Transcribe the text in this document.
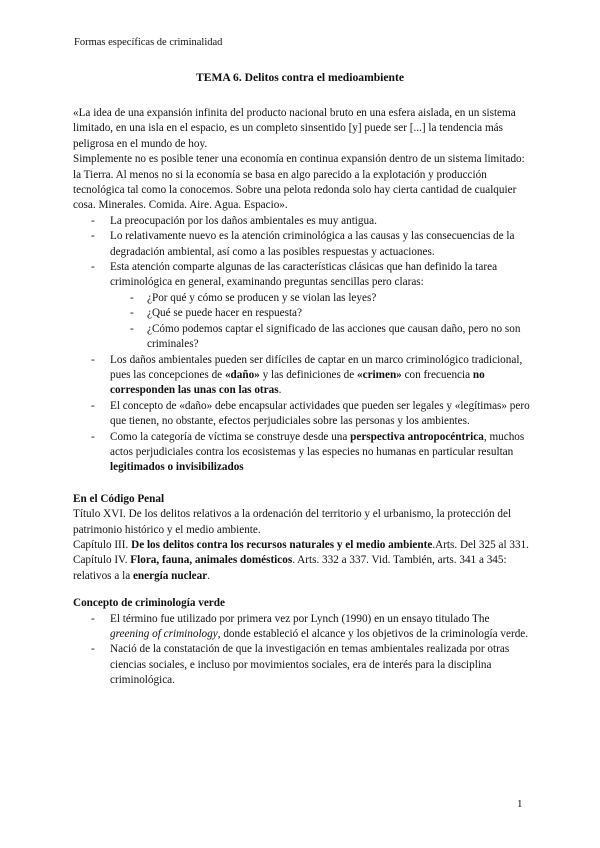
Formas específicas de criminalidad
TEMA 6. Delitos contra el medioambiente

«La idea de una expansión infinita del producto nacional bruto en una esfera aislada, en un sistema limitado, en una isla en el espacio, es un completo sinsentido [y] puede ser [...] la tendencia más peligrosa en el mundo de hoy.

Simplemente no es posible tener una economía en continua expansión dentro de un sistema limitado: la Tierra. Al menos no si la economía se basa en algo parecido a la explotación y producción tecnológica tal como la conocemos. Sobre una pelota redonda solo hay cierta cantidad de cualquier cosa. Minerales. Comida. Aire. Agua. Espacio».

- La preocupación por los daños ambientales es muy antigua.
- Lo relativamente nuevo es la atención criminológica a las causas y las consecuencias de la degradación ambiental, así como a las posibles respuestas y actuaciones.
- Esta atención comparte algunas de las características clásicas que han definido la tarea criminológica en general, examinando preguntas sencillas pero claras:
- ¿Por qué y cómo se producen y se violan las leyes?
- ¿Qué se puede hacer en respuesta?
- ¿Cómo podemos captar el significado de las acciones que causan daño, pero no son criminales?
- Los daños ambientales pueden ser difíciles de captar en un marco criminológico tradicional, pues las concepciones de «daño» y las definiciones de «crimen» con frecuencia no corresponden las unas con las otras.
- El concepto de «daño» debe encapsular actividades que pueden ser legales y «legítimas» pero que tienen, no obstante, efectos perjudiciales sobre las personas y los ambientes.
- Como la categoría de víctima se construye desde una perspectiva antropocéntrica, muchos actos perjudiciales contra los ecosistemas y las especies no humanas en particular resultan legitimados o invisibilizados

En el Código Penal

Título XVI. De los delitos relativos a la ordenación del territorio y el urbanismo, la protección del patrimonio histórico y el medio ambiente.

Capítulo III. De los delitos contra los recursos naturales y el medio ambiente.Arts. Del 325 al 331.

Capítulo IV. Flora, fauna, animales domésticos. Arts. 332 a 337. Vid. También, arts. 341 a 345: relativos a la energía nuclear.

Concepto de criminología verde

- El término fue utilizado por primera vez por Lynch (1990) en un ensayo titulado The greening of criminology, donde estableció el alcance y los objetivos de la criminología verde.
- Nació de la constatación de que la investigación en temas ambientales realizada por otras ciencias sociales, e incluso por movimientos sociales, era de interés para la disciplina criminológica.
1
